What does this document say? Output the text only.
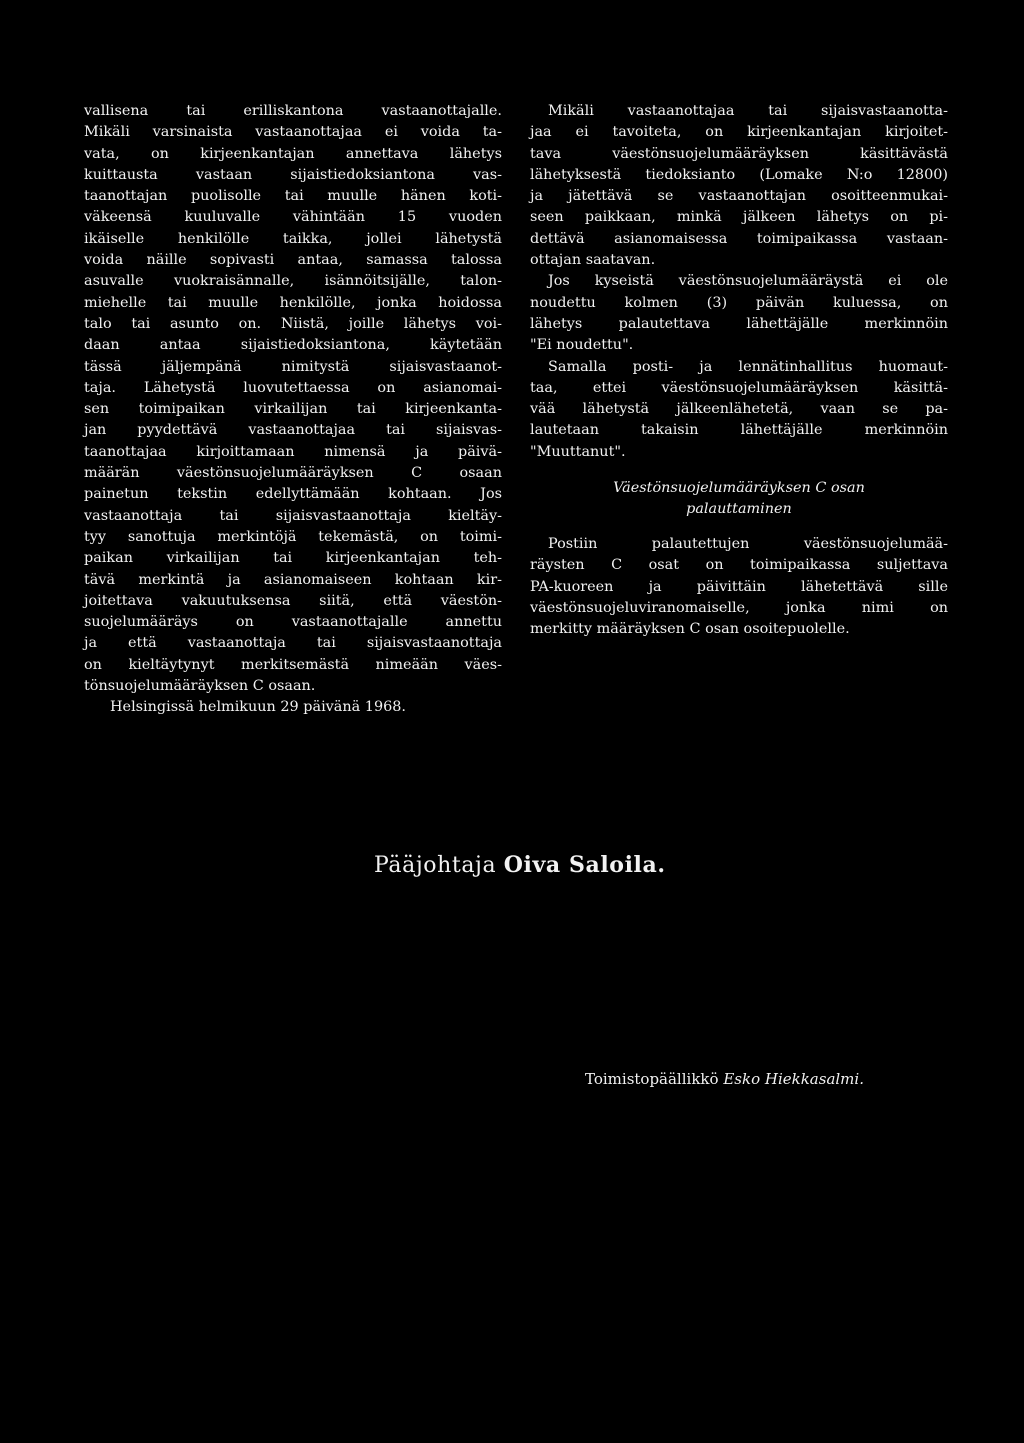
vallisena tai erilliskantona vastaanottajalle.
Mikäli varsinaista vastaanottajaa ei voida ta-
vata, on kirjeenkantajan annettava lähetys
kuittausta vastaan sijaistiedoksiantona vas-
taanottajan puolisolle tai muulle hänen koti-
väkeensä kuuluvalle vähintään 15 vuoden
ikäiselle henkilölle taikka, jollei lähetystä
voida näille sopivasti antaa, samassa talossa
asuvalle vuokraisännalle, isännöitsijälle, talon-
miehelle tai muulle henkilölle, jonka hoidossa
talo tai asunto on. Niistä, joille lähetys voi-
daan antaa sijaistiedoksiantona, käytetään
tässä jäljempänä nimitystä sijaisvastaanot-
taja. Lähetystä luovutettaessa on asianomai-
sen toimipaikan virkailijan tai kirjeenkanta-
jan pyydettävä vastaanottajaa tai sijaisvas-
taanottajaa kirjoittamaan nimensä ja päivä-
määrän väestönsuojelumääräyksen C osaan
painetun tekstin edellyttämään kohtaan. Jos
vastaanottaja tai sijaisvastaanottaja kieltäy-
tyy sanottuja merkintöjä tekemästä, on toimi-
paikan virkailijan tai kirjeenkantajan teh-
tävä merkintä ja asianomaiseen kohtaan kir-
joitettava vakuutuksensa siitä, että väestön-
suojelumääräys on vastaanottajalle annettu
ja että vastaanottaja tai sijaisvastaanottaja
on kieltäytynyt merkitsemästä nimeään väes-
tönsuojelumääräyksen C osaan.

Helsingissä helmikuun 29 päivänä 1968.

Mikäli vastaanottajaa tai sijaisvastaanotta-
jaa ei tavoiteta, on kirjeenkantajan kirjoitet-
tava väestönsuojelumääräyksen käsittävästä
lähetyksestä tiedoksianto (Lomake N:o 12800)
ja jätettävä se vastaanottajan osoitteenmukai-
seen paikkaan, minkä jälkeen lähetys on pi-
dettävä asianomaisessa toimipaikassa vastaan-
ottajan saatavan.
Jos kyseistä väestönsuojelumääräystä ei ole
noudettu kolmen (3) päivän kuluessa, on
lähetys palautettava lähettäjälle merkinnöin
"Ei noudettu".
Samalla posti- ja lennätinhallitus huomaut-
taa, ettei väestönsuojelumääräyksen käsittä-
vää lähetystä jälkeenlähetetä, vaan se pa-
lautetaan takaisin lähettäjälle merkinnöin
"Muuttanut".
Väestönsuojelumääräyksen C osan
palauttaminen
Postiin palautettujen väestönsuojelumää-
räysten C osat on toimipaikassa suljettava
PA-kuoreen ja päivittäin lähetettävä sille
väestönsuojeluviranomaiselle, jonka nimi on
merkitty määräyksen C osan osoitepuolelle.
Pääjohtaja Oiva Saloila.
Toimistopäällikkö Esko Hiekkasalmi.
